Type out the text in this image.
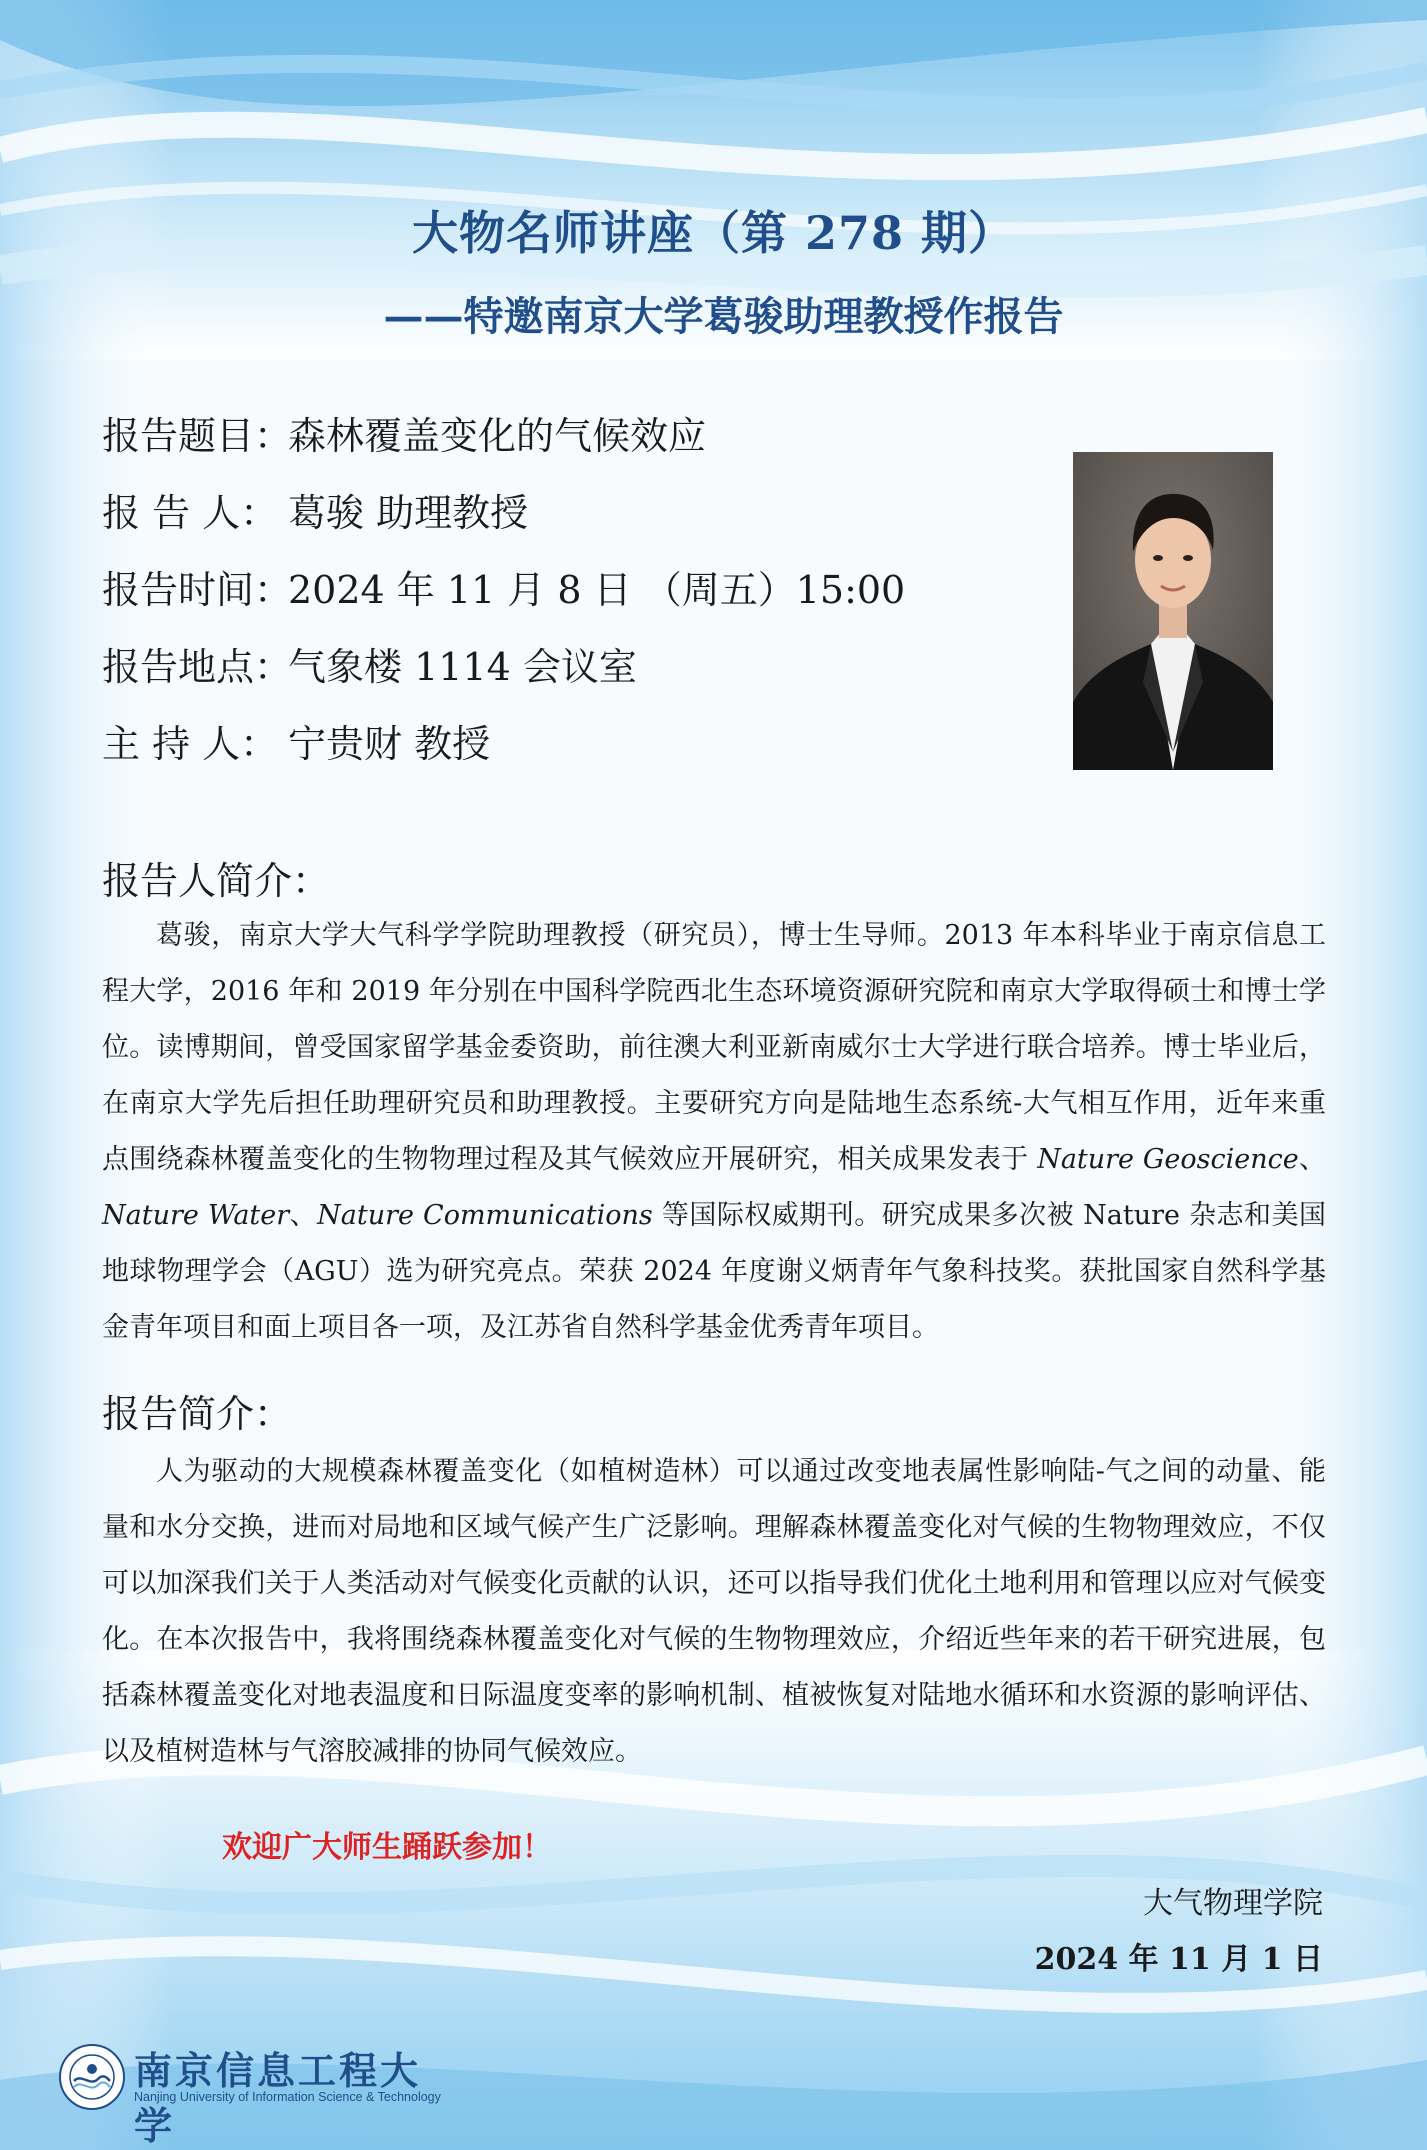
大物名师讲座（第 278 期）
——特邀南京大学葛骏助理教授作报告
报告题目：森林覆盖变化的气候效应
报 告 人： 葛骏 助理教授
报告时间：2024 年 11 月 8 日 （周五）15:00
报告地点：气象楼 1114 会议室
主 持 人： 宁贵财 教授
报告人简介：
葛骏，南京大学大气科学学院助理教授（研究员），博士生导师。2013 年本科毕业于南京信息工程大学，2016 年和 2019 年分别在中国科学院西北生态环境资源研究院和南京大学取得硕士和博士学位。读博期间，曾受国家留学基金委资助，前往澳大利亚新南威尔士大学进行联合培养。博士毕业后，在南京大学先后担任助理研究员和助理教授。主要研究方向是陆地生态系统-大气相互作用，近年来重点围绕森林覆盖变化的生物物理过程及其气候效应开展研究，相关成果发表于 Nature Geoscience、Nature Water、Nature Communications 等国际权威期刊。研究成果多次被 Nature 杂志和美国地球物理学会（AGU）选为研究亮点。荣获 2024 年度谢义炳青年气象科技奖。获批国家自然科学基金青年项目和面上项目各一项，及江苏省自然科学基金优秀青年项目。
报告简介：
人为驱动的大规模森林覆盖变化（如植树造林）可以通过改变地表属性影响陆-气之间的动量、能量和水分交换，进而对局地和区域气候产生广泛影响。理解森林覆盖变化对气候的生物物理效应，不仅可以加深我们关于人类活动对气候变化贡献的认识，还可以指导我们优化土地利用和管理以应对气候变化。在本次报告中，我将围绕森林覆盖变化对气候的生物物理效应，介绍近些年来的若干研究进展，包括森林覆盖变化对地表温度和日际温度变率的影响机制、植被恢复对陆地水循环和水资源的影响评估、以及植树造林与气溶胶减排的协同气候效应。
欢迎广大师生踊跃参加！
大气物理学院
2024 年 11 月 1 日
南京信息工程大学
Nanjing University of Information Science & Technology
